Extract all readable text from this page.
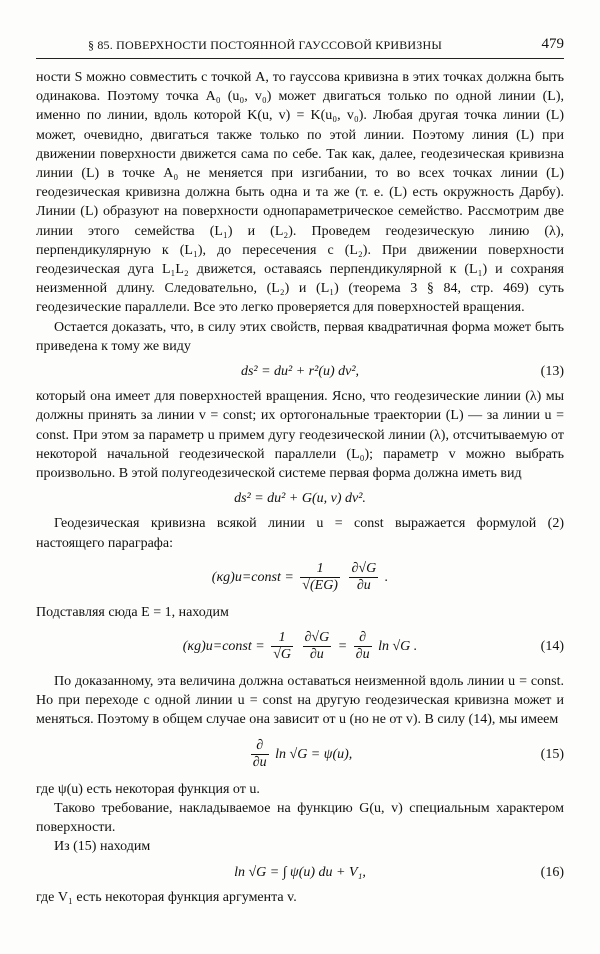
§ 85. ПОВЕРХНОСТИ ПОСТОЯННОЙ ГАУССОВОЙ КРИВИЗНЫ	479

ности S можно совместить с точкой A, то гауссова кривизна в этих точках должна быть одинакова. Поэтому точка A₀ (u₀, v₀) может двигаться только по одной линии (L), именно по линии, вдоль которой K(u, v) = K(u₀, v₀). Любая другая точка линии (L) может, очевидно, двигаться также только по этой линии. Поэтому линия (L) при движении поверхности движется сама по себе. Так как, далее, геодезическая кривизна линии (L) в точке A₀ не меняется при изгибании, то во всех точках линии (L) геодезическая кривизна должна быть одна и та же (т. е. (L) есть окружность Дарбу). Линии (L) образуют на поверхности однопараметрическое семейство. Рассмотрим две линии этого семейства (L₁) и (L₂). Проведем геодезическую линию (λ), перпендикулярную к (L₁), до пересечения с (L₂). При движении поверхности геодезическая дуга L₁L₂ движется, оставаясь перпендикулярной к (L₁) и сохраняя неизменной длину. Следовательно, (L₂) и (L₁) (теорема 3 § 84, стр. 469) суть геодезические параллели. Все это легко проверяется для поверхностей вращения.

Остается доказать, что, в силу этих свойств, первая квадратичная форма может быть приведена к тому же виду

ds² = du² + r²(u) dv²,	(13)

который она имеет для поверхностей вращения. Ясно, что геодезические линии (λ) мы должны принять за линии v = const; их ортогональные траектории (L) — за линии u = const. При этом за параметр u примем дугу геодезической линии (λ), отсчитываемую от некоторой начальной геодезической параллели (L₀); параметр v можно выбрать произвольно. В этой полугеодезической системе первая форма должна иметь вид

ds² = du² + G(u, v) dv².

Геодезическая кривизна всякой линии u = const выражается формулой (2) настоящего параграфа:

(κg)u=const = $\frac{1}{√(EG)}$
$\frac{\partial√G}{\partial u}$ .

Подставляя сюда E = 1, находим

(κg)u=const = $\frac{1}{√G}$
$\frac{\partial√G}{\partial u} = \frac{\partial}{\partial u}$ ln √G .	(14)

По доказанному, эта величина должна оставаться неизменной вдоль линии u = const. Но при переходе с одной линии u = const на другую геодезическая кривизна может и меняться. Поэтому в общем случае она зависит от u (но не от v). В силу (14), мы имеем

$\frac{\partial}{\partial u}$ ln √G = ψ(u),	(15)

где ψ(u) есть некоторая функция от u.

Таково требование, накладываемое на функцию G(u, v) специальным характером поверхности.

Из (15) находим

ln √G = ∫ ψ(u) du + V₁,	(16)

где V₁ есть некоторая функция аргумента v.
